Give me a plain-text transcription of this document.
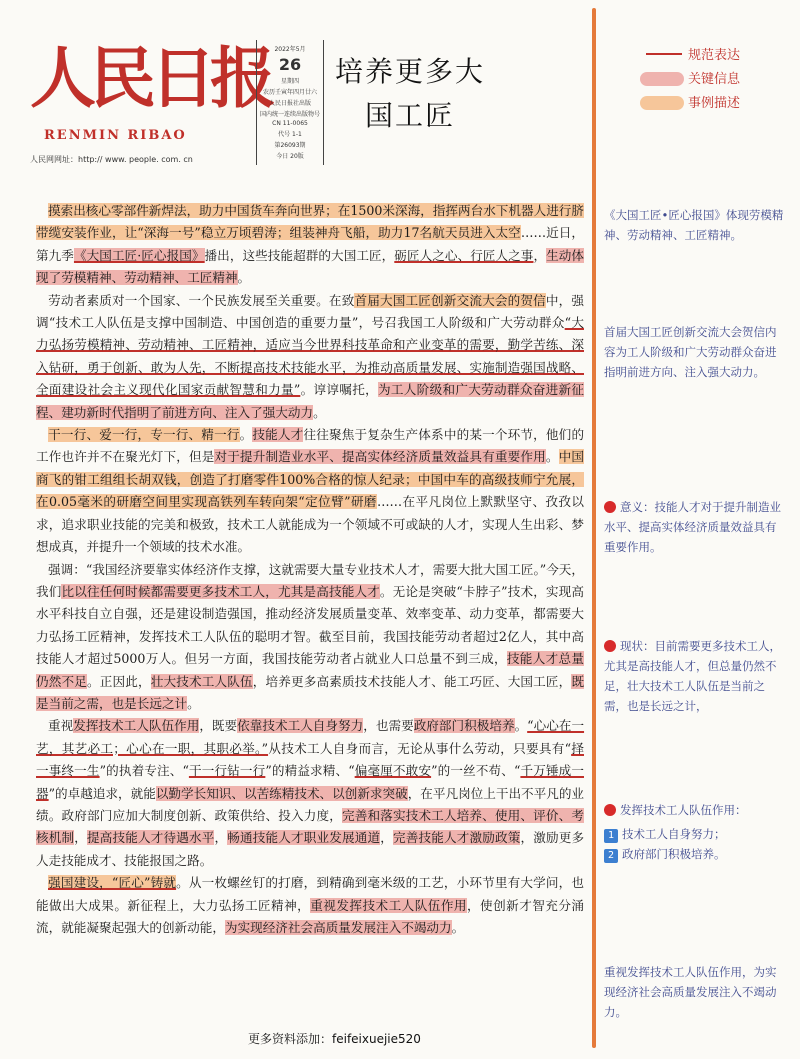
人民日报
RENMIN RIBAO
人民网网址：http:// www. people. com. cn
2022年5月
26
星期四
农历壬寅年四月廿六
人民日报社出版
国内统一连续出版物号
CN 11-0065
代号 1-1
第26093期
今日 20版
培养更多大国工匠
规范表达
关键信息
事例描述

摸索出核心零部件新焊法，助力中国货车奔向世界；在1500米深海，指挥两台水下机器人进行脐带缆安装作业，让“深海一号”稳立万顷碧涛；组装神舟飞船，助力17名航天员进入太空……近日，第九季《大国工匠·匠心报国》播出，这些技能超群的大国工匠，砺匠人之心、行匠人之事，生动体现了劳模精神、劳动精神、工匠精神。

劳动者素质对一个国家、一个民族发展至关重要。在致首届大国工匠创新交流大会的贺信中，强调“技术工人队伍是支撑中国制造、中国创造的重要力量”，号召我国工人阶级和广大劳动群众“大力弘扬劳模精神、劳动精神、工匠精神，适应当今世界科技革命和产业变革的需要，勤学苦练、深入钻研，勇于创新、敢为人先，不断提高技术技能水平，为推动高质量发展、实施制造强国战略、全面建设社会主义现代化国家贡献智慧和力量”。谆谆嘱托，为工人阶级和广大劳动群众奋进新征程、建功新时代指明了前进方向、注入了强大动力。

干一行、爱一行，专一行、精一行。技能人才往往聚焦于复杂生产体系中的某一个环节，他们的工作也许并不在聚光灯下，但是对于提升制造业水平、提高实体经济质量效益具有重要作用。中国商飞的钳工组组长胡双钱，创造了打磨零件100%合格的惊人纪录；中国中车的高级技师宁允展，在0.05毫米的研磨空间里实现高铁列车转向架“定位臂”研磨……在平凡岗位上默默坚守、孜孜以求，追求职业技能的完美和极致，技术工人就能成为一个领域不可或缺的人才，实现人生出彩、梦想成真，并提升一个领域的技术水准。

强调：“我国经济要靠实体经济作支撑，这就需要大量专业技术人才，需要大批大国工匠。”今天，我们比以往任何时候都需要更多技术工人，尤其是高技能人才。无论是突破“卡脖子”技术，实现高水平科技自立自强，还是建设制造强国，推动经济发展质量变革、效率变革、动力变革，都需要大力弘扬工匠精神，发挥技术工人队伍的聪明才智。截至目前，我国技能劳动者超过2亿人，其中高技能人才超过5000万人。但另一方面，我国技能劳动者占就业人口总量不到三成，技能人才总量仍然不足。正因此，壮大技术工人队伍，培养更多高素质技术技能人才、能工巧匠、大国工匠，既是当前之需，也是长远之计。

重视发挥技术工人队伍作用，既要依靠技术工人自身努力，也需要政府部门积极培养。“心心在一艺，其艺必工；心心在一职，其职必举。”从技术工人自身而言，无论从事什么劳动，只要具有“择一事终一生”的执着专注、“干一行钻一行”的精益求精、“偏毫厘不敢安”的一丝不苟、“千万锤成一器”的卓越追求，就能以勤学长知识、以苦练精技术、以创新求突破，在平凡岗位上干出不平凡的业绩。政府部门应加大制度创新、政策供给、投入力度，完善和落实技术工人培养、使用、评价、考核机制，提高技能人才待遇水平，畅通技能人才职业发展通道，完善技能人才激励政策，激励更多人走技能成才、技能报国之路。

强国建设，“匠心”铸就。从一枚螺丝钉的打磨，到精确到毫米级的工艺，小环节里有大学问，也能做出大成果。新征程上，大力弘扬工匠精神，重视发挥技术工人队伍作用，使创新才智充分涌流，就能凝聚起强大的创新动能，为实现经济社会高质量发展注入不竭动力。

《大国工匠•匠心报国》体现劳模精神、劳动精神、工匠精神。
首届大国工匠创新交流大会贺信内容为工人阶级和广大劳动群众奋进指明前进方向、注入强大动力。
意义：技能人才对于提升制造业水平、提高实体经济质量效益具有重要作用。
现状：目前需要更多技术工人，尤其是高技能人才，但总量仍然不足，壮大技术工人队伍是当前之需，也是长远之计，
发挥技术工人队伍作用：
1 技术工人自身努力；
2 政府部门积极培养。
重视发挥技术工人队伍作用，为实现经济社会高质量发展注入不竭动力。
更多资料添加：feifeixuejie520
